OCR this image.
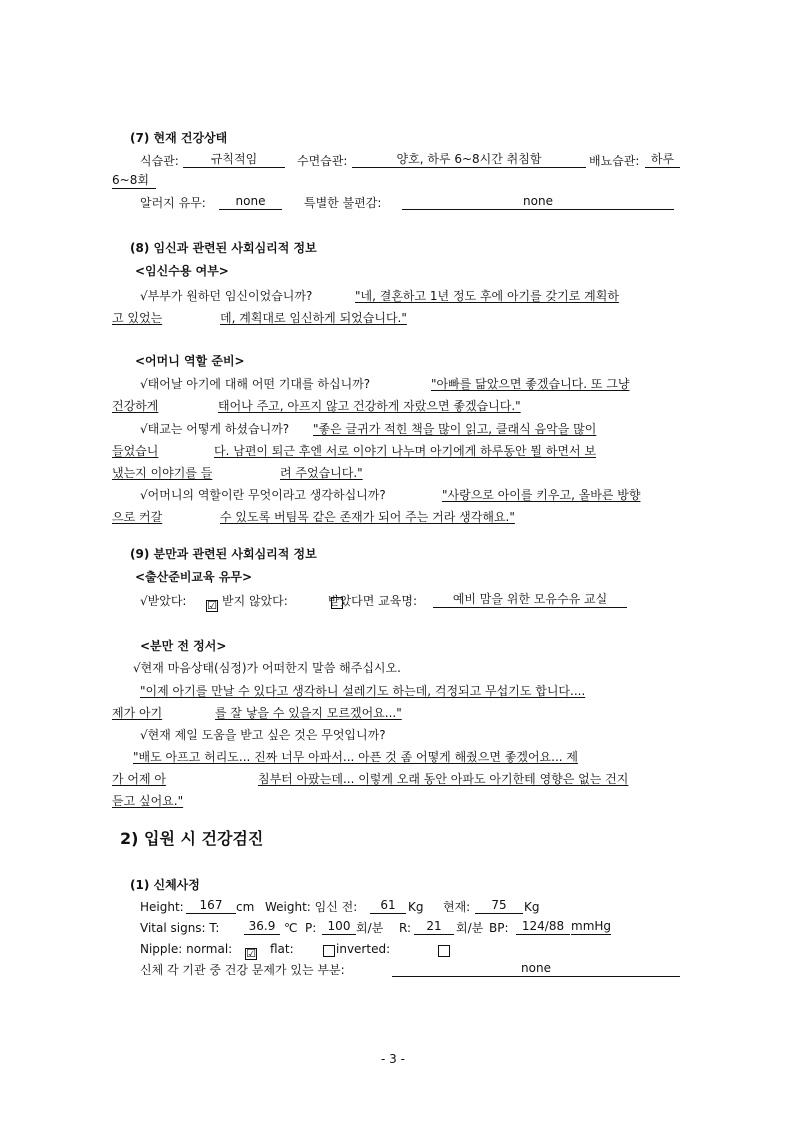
(7) 현재 건강상태
식습관:	규칙적임	수면습관:	양호, 하루 6~8시간 취침함	배뇨습관: 하루
6~8회
알러지 유무:	none	특별한 불편감:	none
(8) 임신과 관련된 사회심리적 정보
<임신수용 여부>
√부부가 원하던 임신이었습니까?	"네, 결혼하고 1년 정도 후에 아기를 갖기로 계획하
고 있었는	데, 계획대로 임신하게 되었습니다."
<어머니 역할 준비>
√태어날 아기에 대해 어떤 기대를 하십니까?	"아빠를 닮았으면 좋겠습니다. 또 그냥
건강하게	태어나 주고, 아프지 않고 건강하게 자랐으면 좋겠습니다."
√태교는 어떻게 하셨습니까? "좋은 글귀가 적힌 책을 많이 읽고, 클래식 음악을 많이
들었습니	다. 남편이 퇴근 후엔 서로 이야기 나누며 아기에게 하루동안 뭘 하면서 보
냈는지 이야기를 들	려 주었습니다."
√어머니의 역할이란 무엇이라고 생각하십니까?	"사랑으로 아이를 키우고, 올바른 방향
으로 커갈	수 있도록 버팀목 같은 존재가 되어 주는 거라 생각해요."
(9) 분만과 관련된 사회심리적 정보
<출산준비교육 유무>
√받았다: ☑ 받지 않았다:	받았다면 교육명:	예비 맘을 위한 모유수유 교실
<분만 전 정서>
√현재 마음상태(심정)가 어떠한지 말씀 해주십시오.
"이제 아기를 만날 수 있다고 생각하니 설레기도 하는데, 걱정되고 무섭기도 합니다....
제가 아기	를 잘 낳을 수 있을지 모르겠어요..."
√현재 제일 도움을 받고 싶은 것은 무엇입니까?
"배도 아프고 허리도... 진짜 너무 아파서... 아픈 것 좀 어떻게 해줬으면 좋겠어요... 제
가 어제 아	침부터 아팠는데... 이렇게 오래 동안 아파도 아기한테 영향은 없는 건지
듣고 싶어요."
2) 입원 시 건강검진
(1) 신체사정
Height:	167	cm Weight: 임신 전:	61	Kg 현재:	75	Kg
Vital signs: T:	36.9 ℃ P: 100 회/분 R:	21	회/분 BP:	124/88 mmHg
Nipple: normal: ☑ flat:
	inverted:
신체 각 기관 중 건강 문제가 있는 부분:	none
- 3 -
